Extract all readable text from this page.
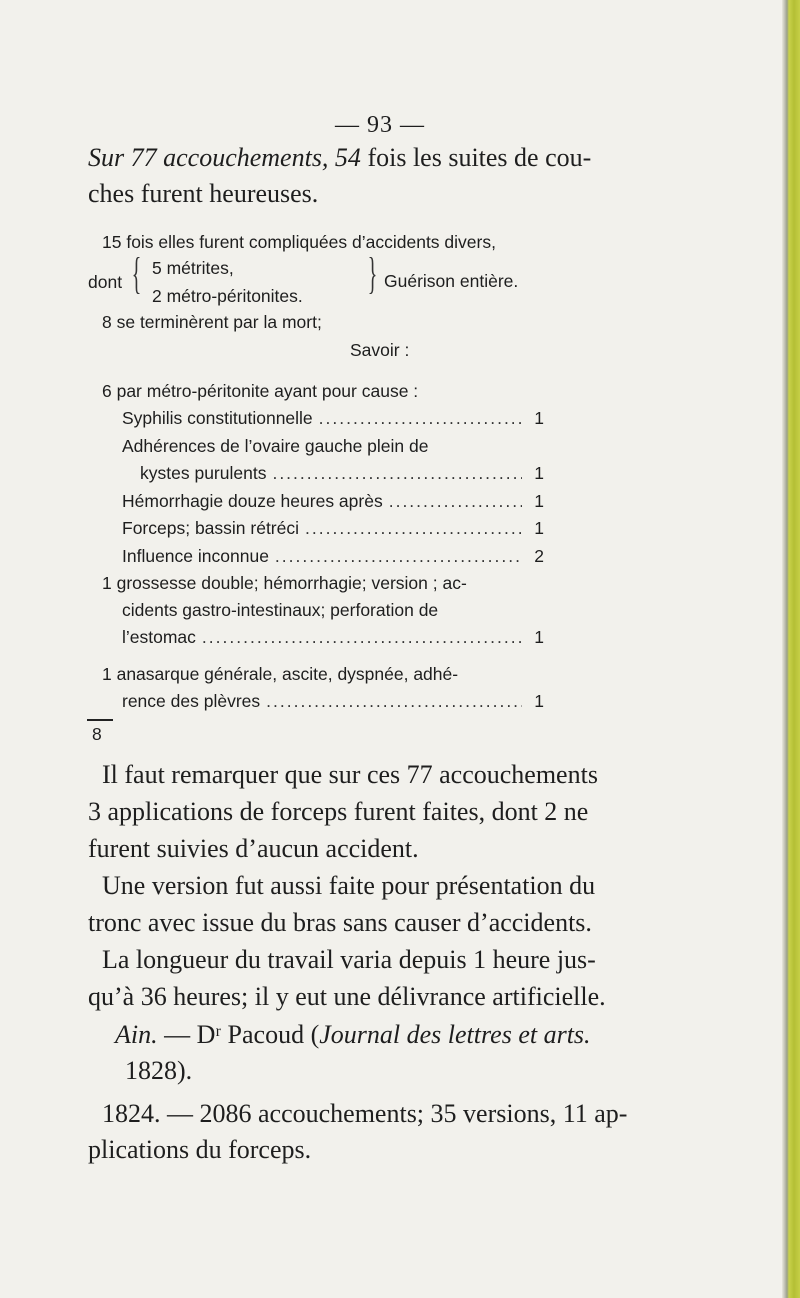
— 93 —

Sur 77 accouchements, 54 fois les suites de cou-
ches furent heureuses.

15 fois elles furent compliquées d’accidents divers,
dont { 5 métrites,
2 métro-péritonites. } Guérison entière.
8 se terminèrent par la mort;
Savoir :
6 par métro-péritonite ayant pour cause :
Syphilis constitutionnelle .....	1
Adhérences de l’ovaire gauche plein de
kystes purulents .....	1
Hémorrhagie douze heures après .....	1
Forceps; bassin rétréci .....	1
Influence inconnue .....	2
1 grossesse double; hémorrhagie; version ; ac-
cidents gastro-intestinaux; perforation de
l’estomac .....	1
1 anasarque générale, ascite, dyspnée, adhé-
rence des plèvres .....	1
8

Il faut remarquer que sur ces 77 accouchements
3 applications de forceps furent faites, dont 2 ne
furent suivies d’aucun accident.
Une version fut aussi faite pour présentation du
tronc avec issue du bras sans causer d’accidents.
La longueur du travail varia depuis 1 heure jus-
qu’à 36 heures; il y eut une délivrance artificielle.

Ain. — Dʳ Pacoud (Journal des lettres et arts.
1828).

1824. — 2086 accouchements; 35 versions, 11 ap-
plications du forceps.
